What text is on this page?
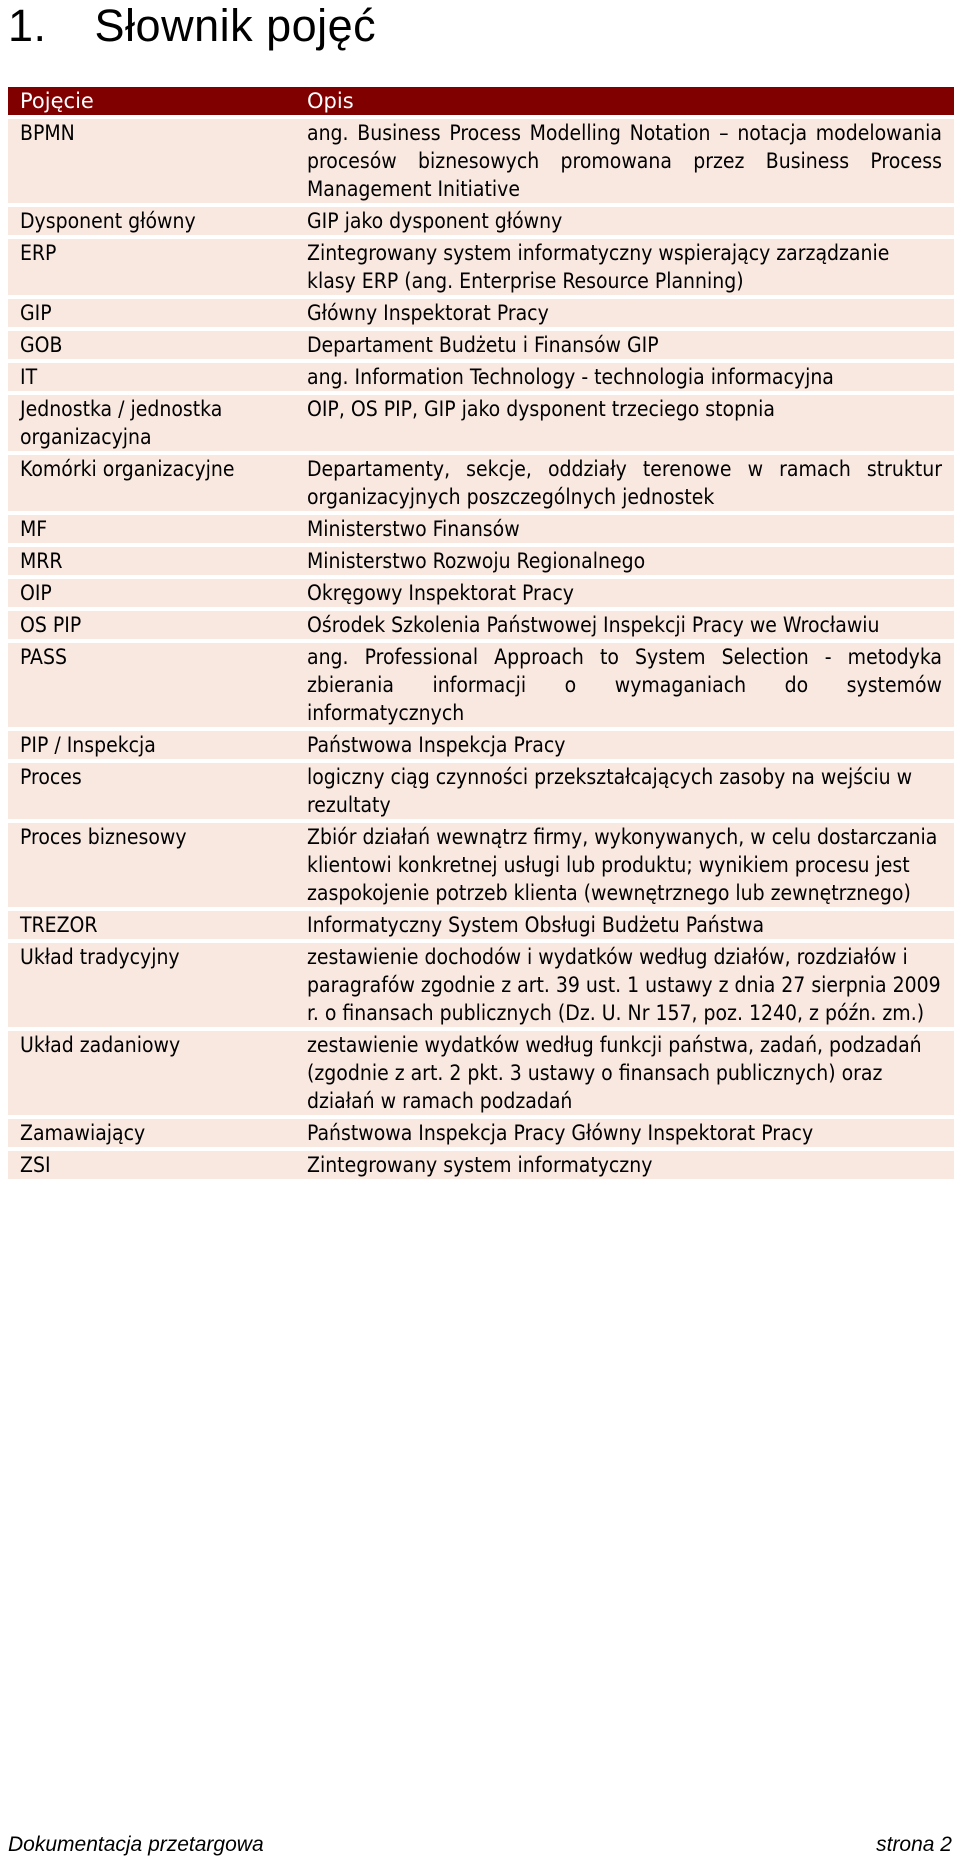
1. Słownik pojęć
Pojęcie	Opis
BPMN	ang. Business Process Modelling Notation – notacja modelowania procesów biznesowych promowana przez Business Process Management Initiative
Dysponent główny	GIP jako dysponent główny
ERP	Zintegrowany system informatyczny wspierający zarządzanie klasy ERP (ang. Enterprise Resource Planning)
GIP	Główny Inspektorat Pracy
GOB	Departament Budżetu i Finansów GIP
IT	ang. Information Technology - technologia informacyjna
Jednostka / jednostka organizacyjna	OIP, OS PIP, GIP jako dysponent trzeciego stopnia
Komórki organizacyjne	Departamenty, sekcje, oddziały terenowe w ramach struktur organizacyjnych poszczególnych jednostek
MF	Ministerstwo Finansów
MRR	Ministerstwo Rozwoju Regionalnego
OIP	Okręgowy Inspektorat Pracy
OS PIP	Ośrodek Szkolenia Państwowej Inspekcji Pracy we Wrocławiu
PASS	ang. Professional Approach to System Selection - metodyka zbierania informacji o wymaganiach do systemów informatycznych
PIP / Inspekcja	Państwowa Inspekcja Pracy
Proces	logiczny ciąg czynności przekształcających zasoby na wejściu w rezultaty
Proces biznesowy	Zbiór działań wewnątrz firmy, wykonywanych, w celu dostarczania klientowi konkretnej usługi lub produktu; wynikiem procesu jest zaspokojenie potrzeb klienta (wewnętrznego lub zewnętrznego)
TREZOR	Informatyczny System Obsługi Budżetu Państwa
Układ tradycyjny	zestawienie dochodów i wydatków według działów, rozdziałów i paragrafów zgodnie z art. 39 ust. 1 ustawy z dnia 27 sierpnia 2009 r. o finansach publicznych (Dz. U. Nr 157, poz. 1240, z późn. zm.)
Układ zadaniowy	zestawienie wydatków według funkcji państwa, zadań, podzadań (zgodnie z art. 2 pkt. 3 ustawy o finansach publicznych) oraz działań w ramach podzadań
Zamawiający	Państwowa Inspekcja Pracy Główny Inspektorat Pracy
ZSI	Zintegrowany system informatyczny
Dokumentacja przetargowa	strona 2
